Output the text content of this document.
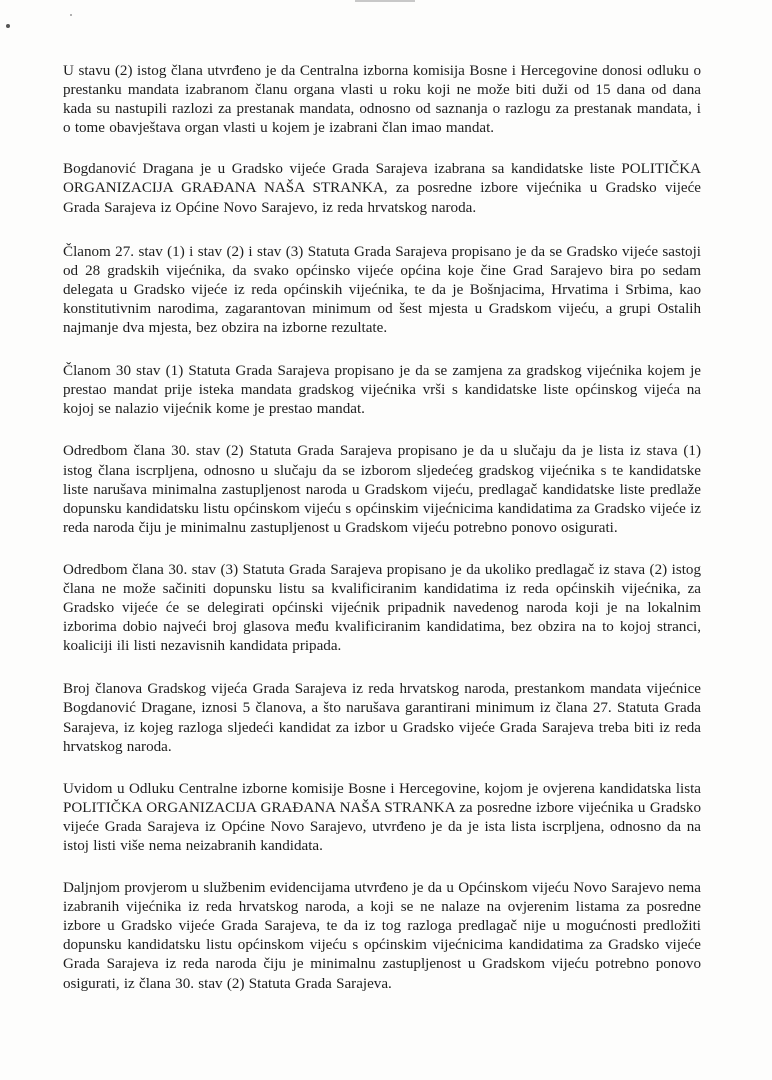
U stavu (2) istog člana utvrđeno je da Centralna izborna komisija Bosne i Hercegovine donosi odluku o prestanku mandata izabranom članu organa vlasti u roku koji ne može biti duži od 15 dana od dana kada su nastupili razlozi za prestanak mandata, odnosno od saznanja o razlogu za prestanak mandata, i o tome obavještava organ vlasti u kojem je izabrani član imao mandat.

Bogdanović Dragana je u Gradsko vijeće Grada Sarajeva izabrana sa kandidatske liste POLITIČKA ORGANIZACIJA GRAĐANA NAŠA STRANKA, za posredne izbore vijećnika u Gradsko vijeće Grada Sarajeva iz Općine Novo Sarajevo, iz reda hrvatskog naroda.

Članom 27. stav (1) i stav (2) i stav (3) Statuta Grada Sarajeva propisano je da se Gradsko vijeće sastoji od 28 gradskih vijećnika, da svako općinsko vijeće općina koje čine Grad Sarajevo bira po sedam delegata u Gradsko vijeće iz reda općinskih vijećnika, te da je Bošnjacima, Hrvatima i Srbima, kao konstitutivnim narodima, zagarantovan minimum od šest mjesta u Gradskom vijeću, a grupi Ostalih najmanje dva mjesta, bez obzira na izborne rezultate.

Članom 30 stav (1) Statuta Grada Sarajeva propisano je da se zamjena za gradskog vijećnika kojem je prestao mandat prije isteka mandata gradskog vijećnika vrši s kandidatske liste općinskog vijeća na kojoj se nalazio vijećnik kome je prestao mandat.

Odredbom člana 30. stav (2) Statuta Grada Sarajeva propisano je da u slučaju da je lista iz stava (1) istog člana iscrpljena, odnosno u slučaju da se izborom sljedećeg gradskog vijećnika s te kandidatske liste narušava minimalna zastupljenost naroda u Gradskom vijeću, predlagač kandidatske liste predlaže dopunsku kandidatsku listu općinskom vijeću s općinskim vijećnicima kandidatima za Gradsko vijeće iz reda naroda čiju je minimalnu zastupljenost u Gradskom vijeću potrebno ponovo osigurati.

Odredbom člana 30. stav (3) Statuta Grada Sarajeva propisano je da ukoliko predlagač iz stava (2) istog člana ne može sačiniti dopunsku listu sa kvalificiranim kandidatima iz reda općinskih vijećnika, za Gradsko vijeće će se delegirati općinski vijećnik pripadnik navedenog naroda koji je na lokalnim izborima dobio najveći broj glasova među kvalificiranim kandidatima, bez obzira na to kojoj stranci, koaliciji ili listi nezavisnih kandidata pripada.

Broj članova Gradskog vijeća Grada Sarajeva iz reda hrvatskog naroda, prestankom mandata vijećnice Bogdanović Dragane, iznosi 5 članova, a što narušava garantirani minimum iz člana 27. Statuta Grada Sarajeva, iz kojeg razloga sljedeći kandidat za izbor u Gradsko vijeće Grada Sarajeva treba biti iz reda hrvatskog naroda.

Uvidom u Odluku Centralne izborne komisije Bosne i Hercegovine, kojom je ovjerena kandidatska lista POLITIČKA ORGANIZACIJA GRAĐANA NAŠA STRANKA za posredne izbore vijećnika u Gradsko vijeće Grada Sarajeva iz Općine Novo Sarajevo, utvrđeno je da je ista lista iscrpljena, odnosno da na istoj listi više nema neizabranih kandidata.

Daljnjom provjerom u službenim evidencijama utvrđeno je da u Općinskom vijeću Novo Sarajevo nema izabranih vijećnika iz reda hrvatskog naroda, a koji se ne nalaze na ovjerenim listama za posredne izbore u Gradsko vijeće Grada Sarajeva, te da iz tog razloga predlagač nije u mogućnosti predložiti dopunsku kandidatsku listu općinskom vijeću s općinskim vijećnicima kandidatima za Gradsko vijeće Grada Sarajeva iz reda naroda čiju je minimalnu zastupljenost u Gradskom vijeću potrebno ponovo osigurati, iz člana 30. stav (2) Statuta Grada Sarajeva.
